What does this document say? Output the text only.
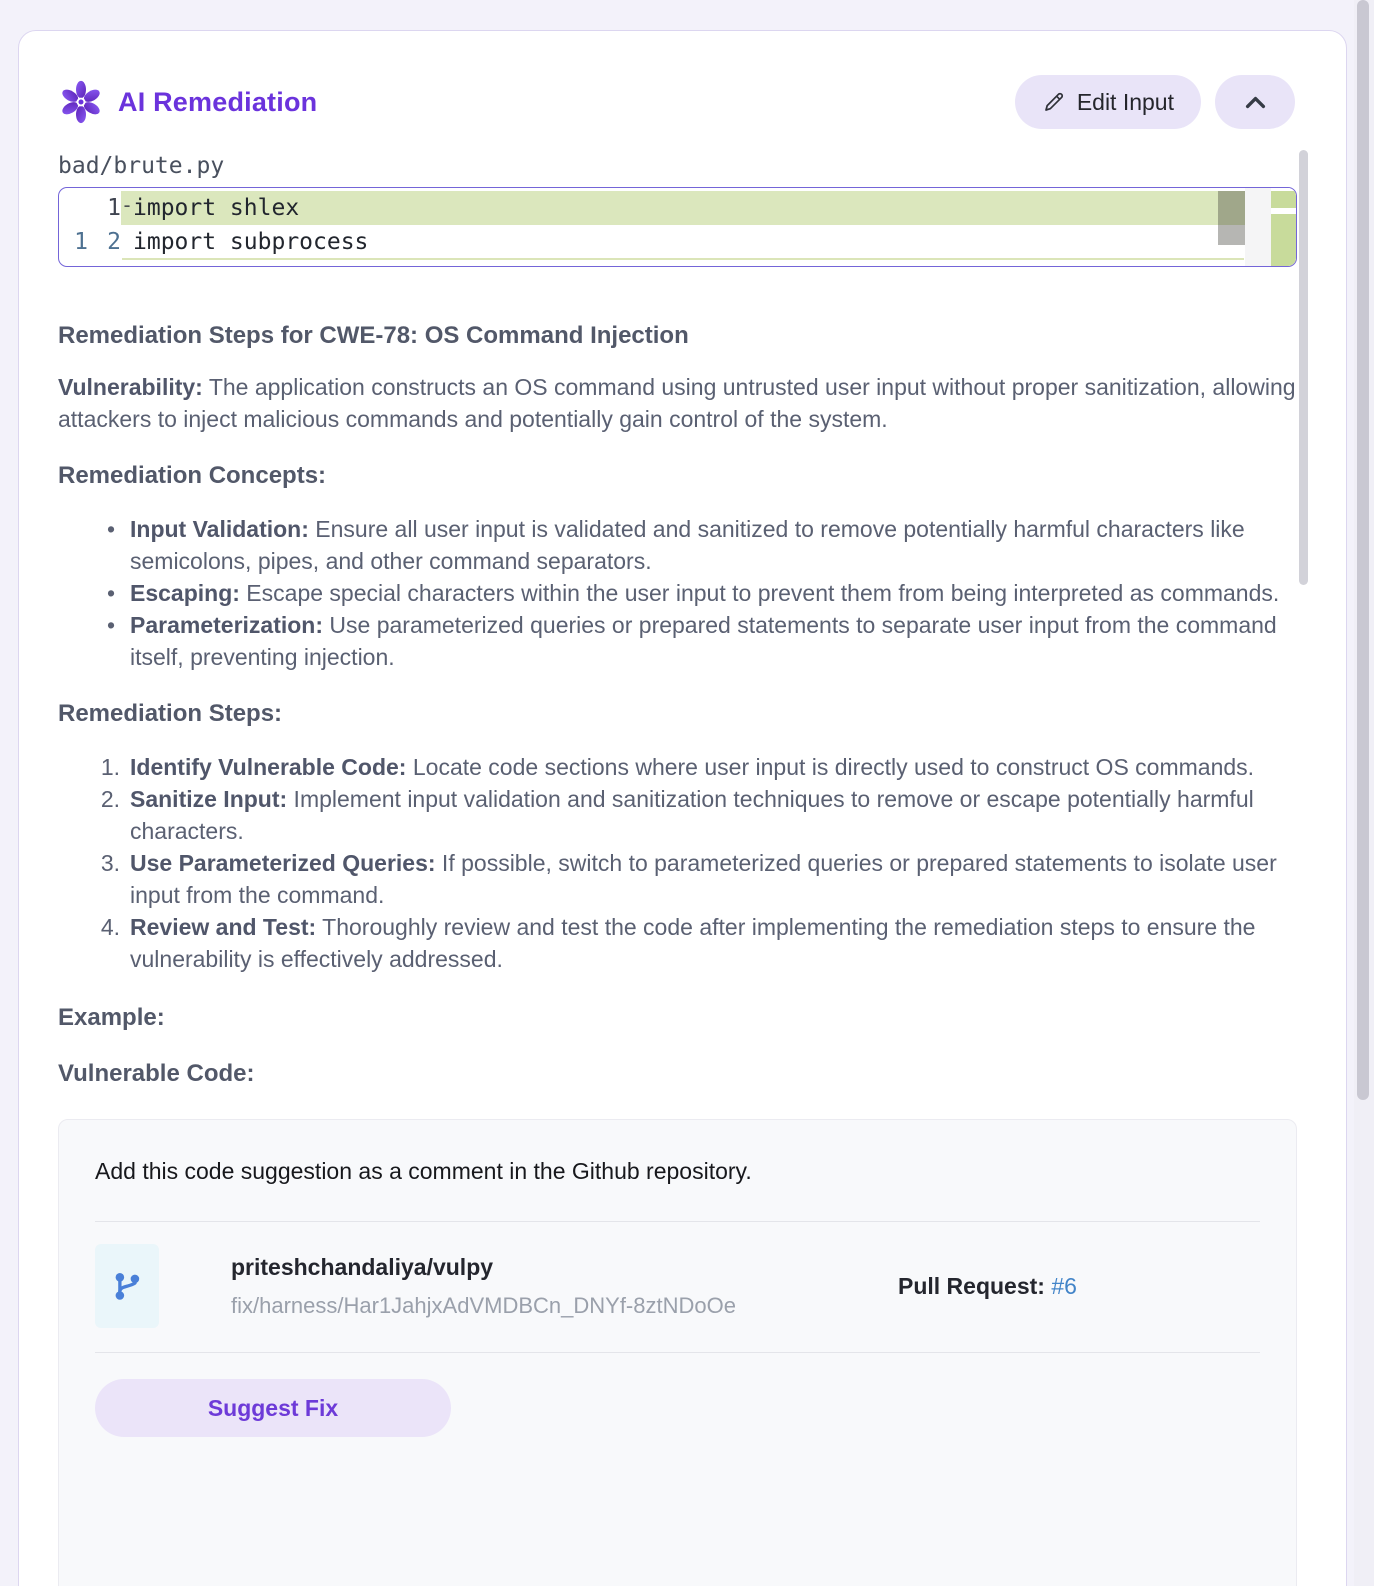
AI Remediation	Edit Input
bad/brute.py
1 - import shlex
1 2 import subprocess
Remediation Steps for CWE-78: OS Command Injection

Vulnerability: The application constructs an OS command using untrusted user input without proper sanitization, allowing attackers to inject malicious commands and potentially gain control of the system.

Remediation Concepts:
•
Input Validation: Ensure all user input is validated and sanitized to remove potentially harmful characters like semicolons, pipes, and other command separators.
•
Escaping: Escape special characters within the user input to prevent them from being interpreted as commands.
•
Parameterization: Use parameterized queries or prepared statements to separate user input from the command itself, preventing injection.
Remediation Steps:
1. Identify Vulnerable Code: Locate code sections where user input is directly used to construct OS commands.
2. Sanitize Input: Implement input validation and sanitization techniques to remove or escape potentially harmful characters.
3. Use Parameterized Queries: If possible, switch to parameterized queries or prepared statements to isolate user input from the command.
4. Review and Test: Thoroughly review and test the code after implementing the remediation steps to ensure the vulnerability is effectively addressed.
Example:
Vulnerable Code:
Add this code suggestion as a comment in the Github repository.
priteshchandaliya/vulpy
fix/harness/Har1JahjxAdVMDBCn_DNYf-8ztNDoOe
Pull Request: #6
Suggest Fix
